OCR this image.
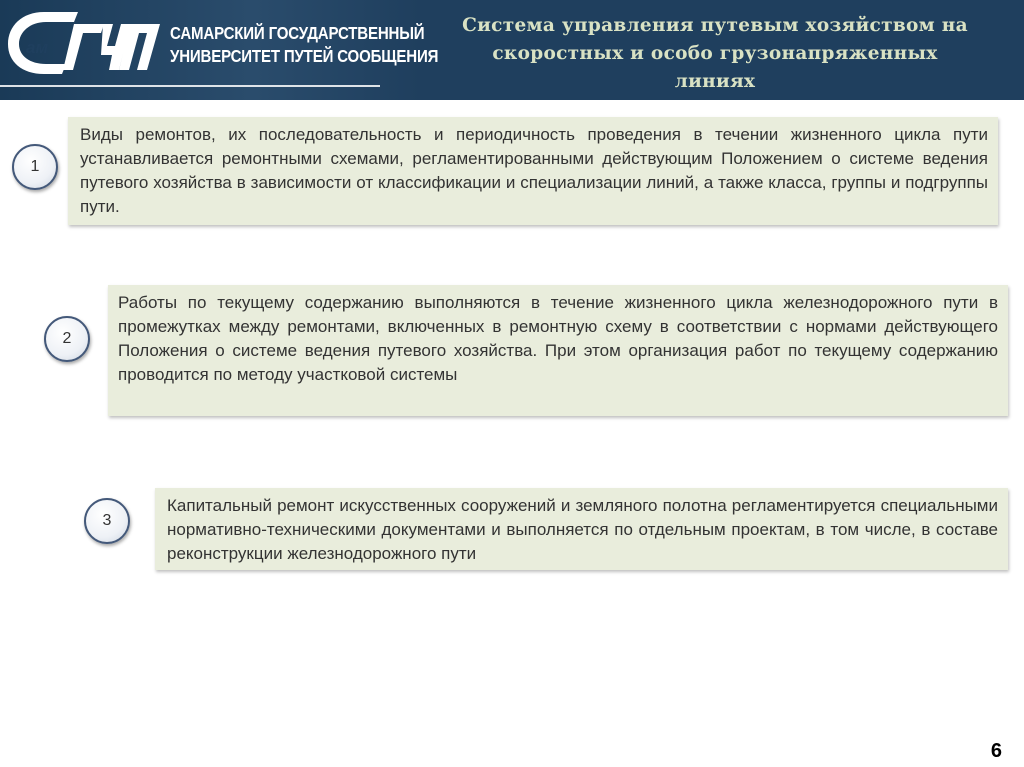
ам
САМАРСКИЙ ГОСУДАРСТВЕННЫЙ
УНИВЕРСИТЕТ ПУТЕЙ СООБЩЕНИЯ
Система управления путевым хозяйством на
скоростных и особо грузонапряженных
линиях
1

Виды ремонтов, их последовательность и периодичность проведения в течении жизненного цикла пути устанавливается ремонтными схемами, регламентированными действующим Положением о системе ведения путевого хозяйства в зависимости от классификации и специализации линий, а также класса, группы и подгруппы пути.

2

Работы по текущему содержанию выполняются в течение жизненного цикла железнодорожного пути в промежутках между ремонтами, включенных в ремонтную схему в соответствии с нормами действующего Положения о системе ведения путевого хозяйства. При этом организация работ по текущему содержанию проводится по методу участковой системы

3

Капитальный ремонт искусственных сооружений и земляного полотна регламентируется специальными нормативно-техническими документами и выполняется по отдельным проектам, в том числе, в составе реконструкции железнодорожного пути

6
